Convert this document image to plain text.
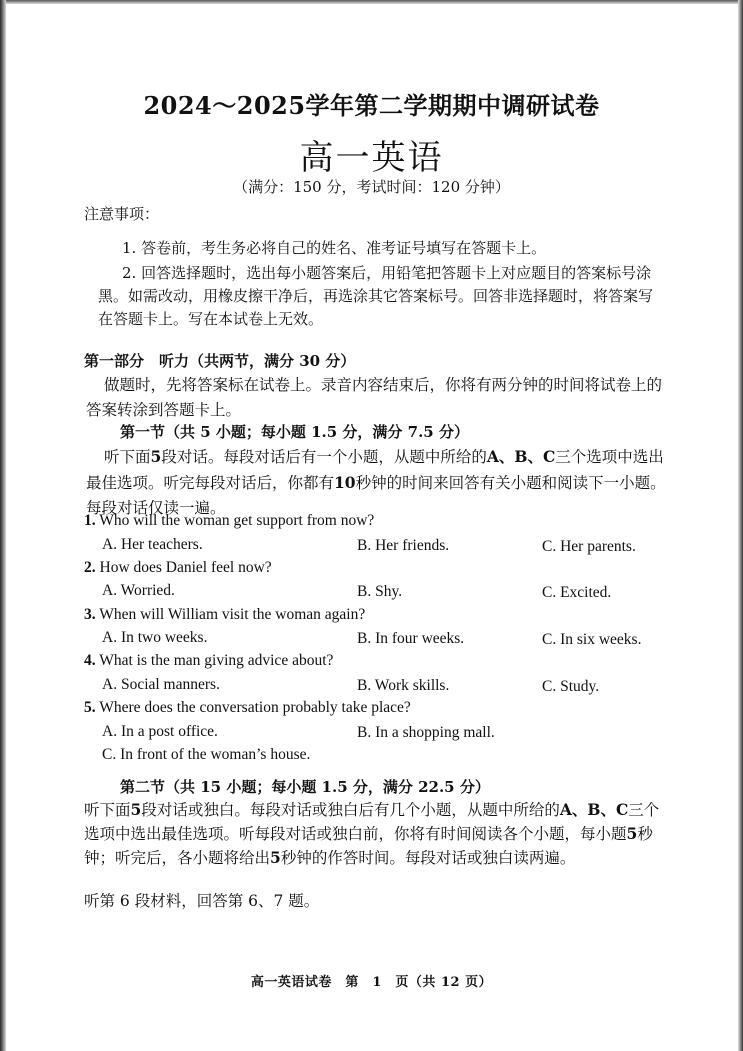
2024～2025学年第二学期期中调研试卷
高一英语
（满分：150 分，考试时间：120 分钟）
注意事项：
1. 答卷前，考生务必将自己的姓名、准考证号填写在答题卡上。
2. 回答选择题时，选出每小题答案后，用铅笔把答题卡上对应题目的答案标号涂黑。如需改动，用橡皮擦干净后，再选涂其它答案标号。回答非选择题时，将答案写在答题卡上。写在本试卷上无效。
第一部分　听力（共两节，满分 30 分）
做题时，先将答案标在试卷上。录音内容结束后，你将有两分钟的时间将试卷上的答案转涂到答题卡上。
第一节（共 5 小题；每小题 1.5 分，满分 7.5 分）
听下面5段对话。每段对话后有一个小题，从题中所给的A、B、C三个选项中选出最佳选项。听完每段对话后，你都有10秒钟的时间来回答有关小题和阅读下一小题。每段对话仅读一遍。
1. Who will the woman get support from now?
A. Her teachers.	B. Her friends.	C. Her parents.
2. How does Daniel feel now?
A. Worried.	B. Shy.	C. Excited.
3. When will William visit the woman again?
A. In two weeks.	B. In four weeks.	C. In six weeks.
4. What is the man giving advice about?
A. Social manners.	B. Work skills.	C. Study.
5. Where does the conversation probably take place?
A. In a post office.	B. In a shopping mall.
C. In front of the woman’s house.
第二节（共 15 小题；每小题 1.5 分，满分 22.5 分）
听下面5段对话或独白。每段对话或独白后有几个小题，从题中所给的A、B、C三个选项中选出最佳选项。听每段对话或独白前，你将有时间阅读各个小题，每小题5秒钟；听完后，各小题将给出5秒钟的作答时间。每段对话或独白读两遍。
听第 6 段材料，回答第 6、7 题。
高一英语试卷　第　1　页（共 12 页）
